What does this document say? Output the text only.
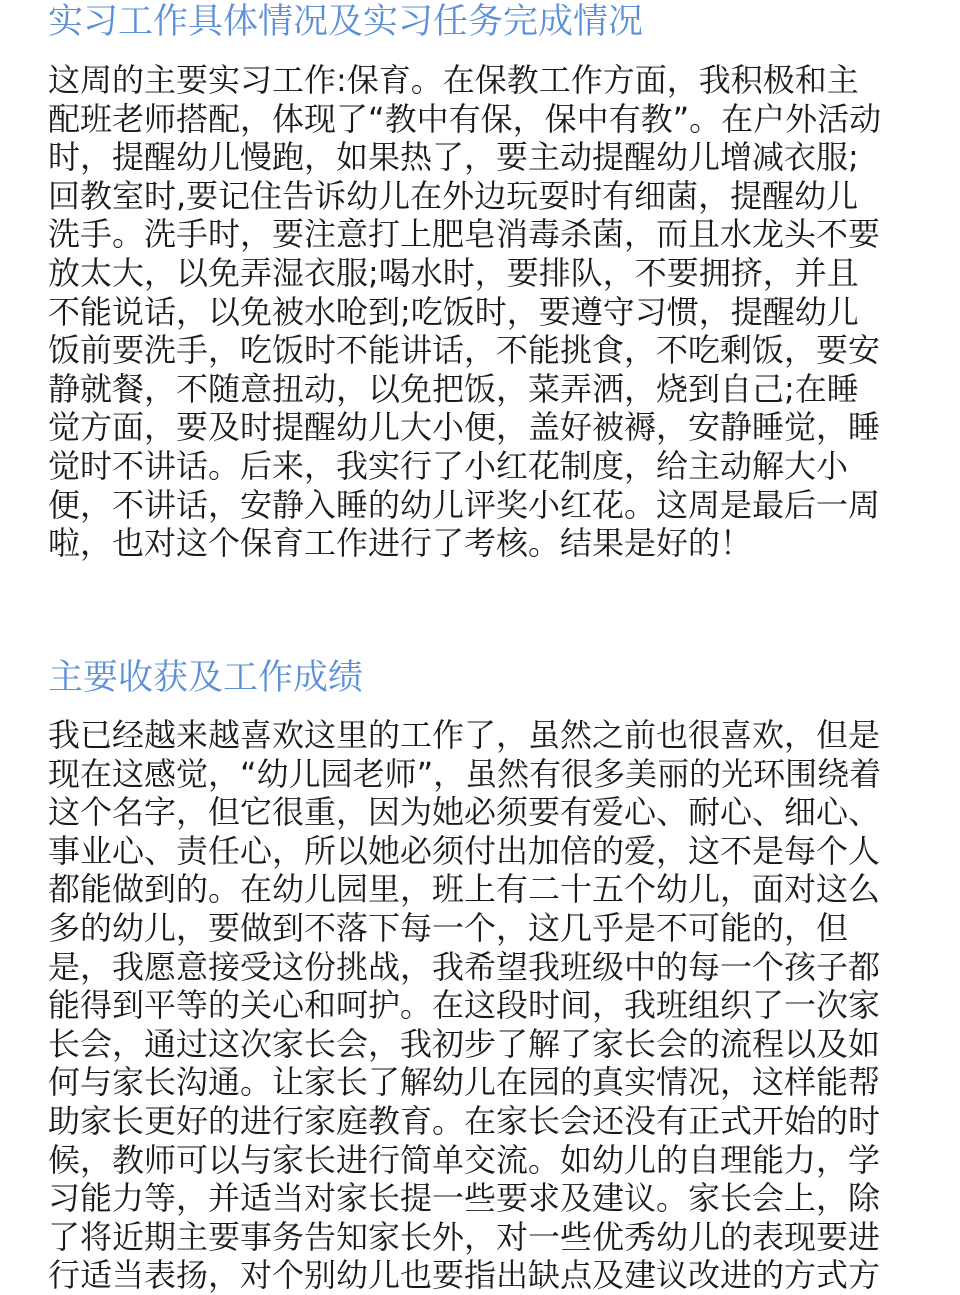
实习工作具体情况及实习任务完成情况

这周的主要实习工作:保育。在保教工作方面，我积极和主
配班老师搭配，体现了“教中有保，保中有教”。在户外活动
时，提醒幼儿慢跑，如果热了，要主动提醒幼儿增减衣服;
回教室时,要记住告诉幼儿在外边玩耍时有细菌，提醒幼儿
洗手。洗手时，要注意打上肥皂消毒杀菌，而且水龙头不要
放太大，以免弄湿衣服;喝水时，要排队，不要拥挤，并且
不能说话，以免被水呛到;吃饭时，要遵守习惯，提醒幼儿
饭前要洗手，吃饭时不能讲话，不能挑食，不吃剩饭，要安
静就餐，不随意扭动，以免把饭，菜弄洒，烧到自己;在睡
觉方面，要及时提醒幼儿大小便，盖好被褥，安静睡觉，睡
觉时不讲话。后来，我实行了小红花制度，给主动解大小
便，不讲话，安静入睡的幼儿评奖小红花。这周是最后一周
啦，也对这个保育工作进行了考核。结果是好的！

主要收获及工作成绩

我已经越来越喜欢这里的工作了，虽然之前也很喜欢，但是
现在这感觉，“幼儿园老师”，虽然有很多美丽的光环围绕着
这个名字，但它很重，因为她必须要有爱心、耐心、细心、
事业心、责任心，所以她必须付出加倍的爱，这不是每个人
都能做到的。在幼儿园里，班上有二十五个幼儿，面对这么
多的幼儿，要做到不落下每一个，这几乎是不可能的，但
是，我愿意接受这份挑战，我希望我班级中的每一个孩子都
能得到平等的关心和呵护。在这段时间，我班组织了一次家
长会，通过这次家长会，我初步了解了家长会的流程以及如
何与家长沟通。让家长了解幼儿在园的真实情况，这样能帮
助家长更好的进行家庭教育。在家长会还没有正式开始的时
候，教师可以与家长进行简单交流。如幼儿的自理能力，学
习能力等，并适当对家长提一些要求及建议。家长会上，除
了将近期主要事务告知家长外，对一些优秀幼儿的表现要进
行适当表扬，对个别幼儿也要指出缺点及建议改进的方式方
